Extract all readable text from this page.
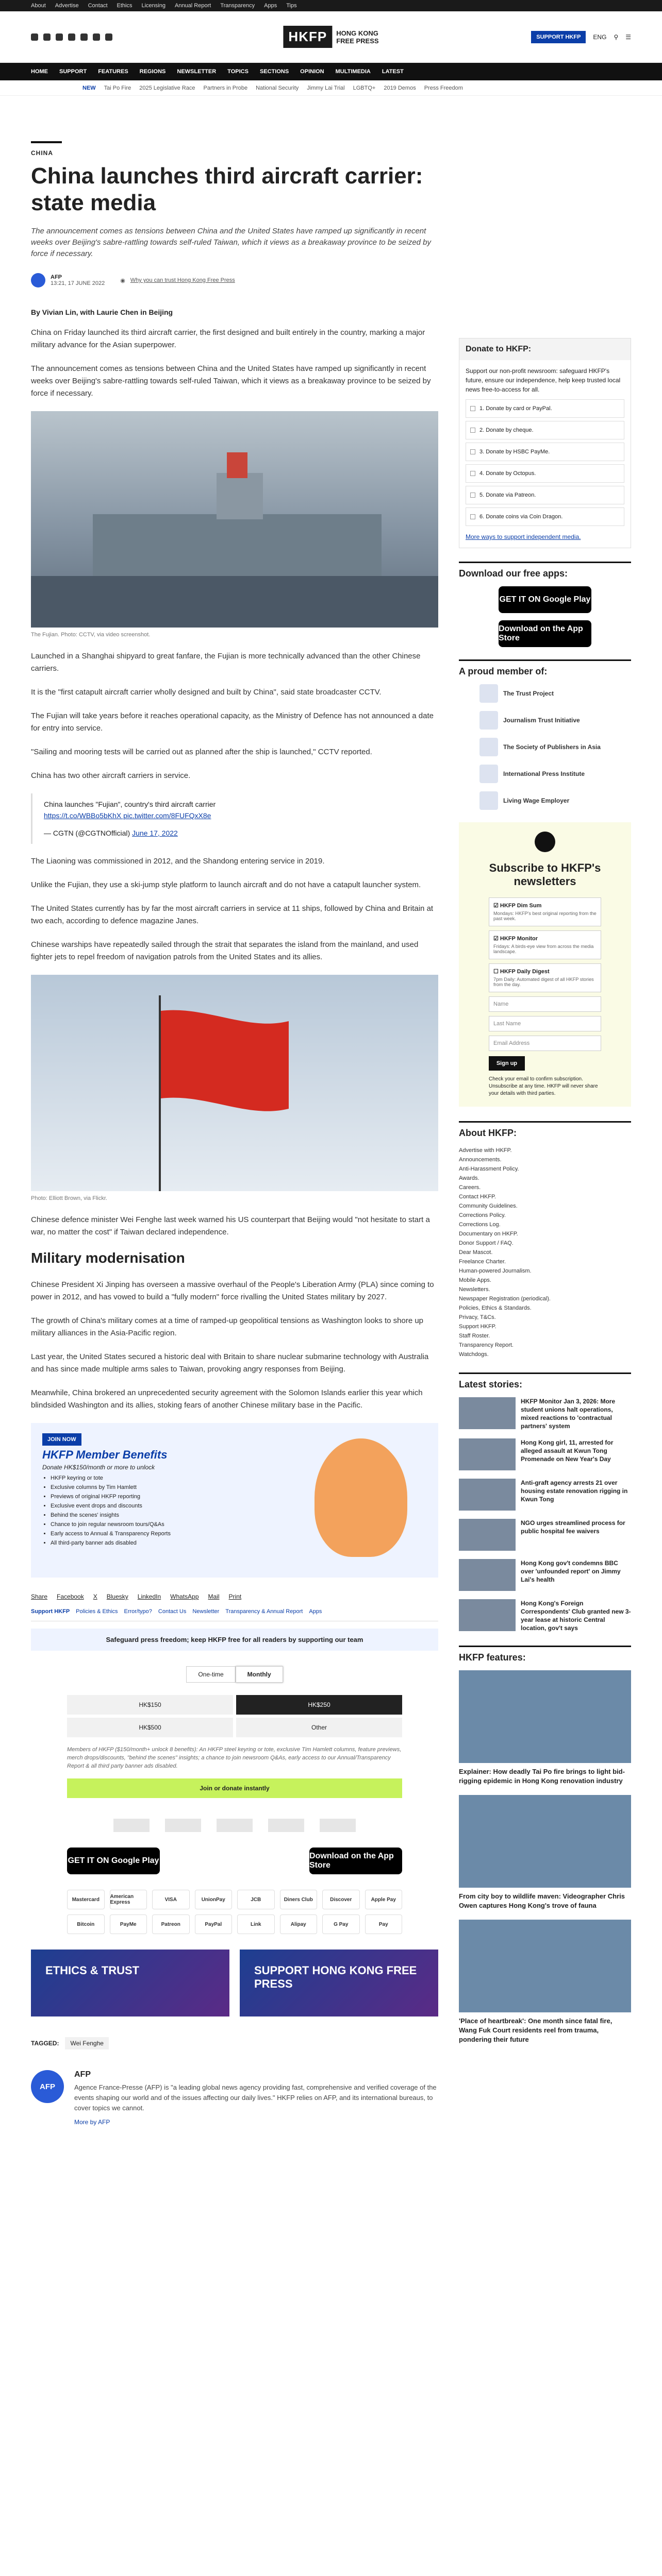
About Advertise Contact Ethics Licensing Annual Report Transparency Apps Tips
HKFP	HONG KONG
FREE PRESS	SUPPORT HKFP	ENG ⚲ ☰
HOME SUPPORT FEATURES REGIONS NEWSLETTER TOPICS SECTIONS OPINION MULTIMEDIA LATEST
NEW Tai Po Fire 2025 Legislative Race Partners in Probe National Security Jimmy Lai Trial LGBTQ+ 2019 Demos Press Freedom
CHINA
China launches third aircraft carrier: state media
The announcement comes as tensions between China and the United States have ramped up significantly in recent weeks over Beijing's sabre-rattling towards self-ruled Taiwan, which it views as a breakaway province to be seized by force if necessary.
AFP
13:21, 17 JUNE 2022	◉ Why you can trust Hong Kong Free Press
By Vivian Lin, with Laurie Chen in Beijing

China on Friday launched its third aircraft carrier, the first designed and built entirely in the country, marking a major military advance for the Asian superpower.

The announcement comes as tensions between China and the United States have ramped up significantly in recent weeks over Beijing's sabre-rattling towards self-ruled Taiwan, which it views as a breakaway province to be seized by force if necessary.

The Fujian. Photo: CCTV, via video screenshot.

Launched in a Shanghai shipyard to great fanfare, the Fujian is more technically advanced than the other Chinese carriers.

It is the "first catapult aircraft carrier wholly designed and built by China", said state broadcaster CCTV.

The Fujian will take years before it reaches operational capacity, as the Ministry of Defence has not announced a date for entry into service.

"Sailing and mooring tests will be carried out as planned after the ship is launched," CCTV reported.

China has two other aircraft carriers in service.

China launches "Fujian", country's third aircraft carrier
https://t.co/WBBo5bKhX pic.twitter.com/8FUFQxX8e
— CGTN (@CGTNOfficial) June 17, 2022

The Liaoning was commissioned in 2012, and the Shandong entering service in 2019.

Unlike the Fujian, they use a ski-jump style platform to launch aircraft and do not have a catapult launcher system.

The United States currently has by far the most aircraft carriers in service at 11 ships, followed by China and Britain at two each, according to defence magazine Janes.

Chinese warships have repeatedly sailed through the strait that separates the island from the mainland, and used fighter jets to repel freedom of navigation patrols from the United States and its allies.

Photo: Elliott Brown, via Flickr.

Chinese defence minister Wei Fenghe last week warned his US counterpart that Beijing would "not hesitate to start a war, no matter the cost" if Taiwan declared independence.

Military modernisation

Chinese President Xi Jinping has overseen a massive overhaul of the People's Liberation Army (PLA) since coming to power in 2012, and has vowed to build a "fully modern" force rivalling the United States military by 2027.

The growth of China's military comes at a time of ramped-up geopolitical tensions as Washington looks to shore up military alliances in the Asia-Pacific region.

Last year, the United States secured a historic deal with Britain to share nuclear submarine technology with Australia and has since made multiple arms sales to Taiwan, provoking angry responses from Beijing.

Meanwhile, China brokered an unprecedented security agreement with the Solomon Islands earlier this year which blindsided Washington and its allies, stoking fears of another Chinese military base in the Pacific.

JOIN NOW
HKFP Member Benefits
Donate HK$150/month or more to unlock
• HKFP keyring or tote
• Exclusive columns by Tim Hamlett
• Previews of original HKFP reporting
• Exclusive event drops and discounts
• Behind the scenes' insights
• Chance to join regular newsroom tours/Q&As
• Early access to Annual & Transparency Reports
• All third-party banner ads disabled
Share Facebook X Bluesky LinkedIn WhatsApp Mail Print
Support HKFP Policies & Ethics Error/typo? Contact Us Newsletter Transparency & Annual Report Apps
Safeguard press freedom; keep HKFP free for all readers by supporting our team
One-time	Monthly
HK$150	HK$250
HK$500	Other
Members of HKFP ($150/month+ unlock 8 benefits): An HKFP steel keyring or tote, exclusive Tim Hamlett columns, feature previews, merch drops/discounts, "behind the scenes" insights; a chance to join newsroom Q&As, early access to our Annual/Transparency Report & all third party banner ads disabled.
Join or donate instantly
GET IT ON Google Play
Download on the App Store
Mastercard	American Express	VISA	UnionPay	JCB	Diners Club	Discover	Apple Pay
Bitcoin	PayMe	Patreon	PayPal	Link	Alipay	G Pay	Pay
ETHICS & TRUST	SUPPORT HONG KONG FREE PRESS
TAGGED:	Wei Fenghe
AFP
AFP

Agence France-Presse (AFP) is "a leading global news agency providing fast, comprehensive and verified coverage of the events shaping our world and of the issues affecting our daily lives." HKFP relies on AFP, and its international bureaus, to cover topics we cannot.

More by AFP
Donate to HKFP:
Support our non-profit newsroom: safeguard HKFP's future, ensure our independence, help keep trusted local news free-to-access for all.
1. Donate by card or PayPal.
2. Donate by cheque.
3. Donate by HSBC PayMe.
4. Donate by Octopus.
5. Donate via Patreon.
6. Donate coins via Coin Dragon.
More ways to support independent media.
Download our free apps:
GET IT ON Google Play
Download on the App Store
A proud member of:
The Trust Project
Journalism Trust Initiative
The Society of Publishers in Asia
International Press Institute
Living Wage Employer
Subscribe to HKFP's newsletters
☑ HKFP Dim Sum
Mondays: HKFP's best original reporting from the past week.
☑ HKFP Monitor
Fridays: A birds-eye view from across the media landscape.
☐ HKFP Daily Digest
7pm Daily: Automated digest of all HKFP stories from the day.
Name
Last Name
Email Address
Sign up
Check your email to confirm subscription. Unsubscribe at any time. HKFP will never share your details with third parties.
About HKFP:
Advertise with HKFP.
Announcements.
Anti-Harassment Policy.
Awards.
Careers.
Contact HKFP.
Community Guidelines.
Corrections Policy.
Corrections Log.
Documentary on HKFP.
Donor Support / FAQ.
Dear Mascot.
Freelance Charter.
Human-powered Journalism.
Mobile Apps.
Newsletters.
Newspaper Registration (periodical).
Policies, Ethics & Standards.
Privacy, T&Cs.
Support HKFP.
Staff Roster.
Transparency Report.
Watchdogs.
Latest stories:
HKFP Monitor Jan 3, 2026: More student unions halt operations, mixed reactions to 'contractual partners' system
Hong Kong girl, 11, arrested for alleged assault at Kwun Tong Promenade on New Year's Day
Anti-graft agency arrests 21 over housing estate renovation rigging in Kwun Tong
NGO urges streamlined process for public hospital fee waivers
Hong Kong gov't condemns BBC over 'unfounded report' on Jimmy Lai's health
Hong Kong's Foreign Correspondents' Club granted new 3-year lease at historic Central location, gov't says
HKFP features:
Explainer: How deadly Tai Po fire brings to light bid-rigging epidemic in Hong Kong renovation industry
From city boy to wildlife maven: Videographer Chris Owen captures Hong Kong's trove of fauna
'Place of heartbreak': One month since fatal fire, Wang Fuk Court residents reel from trauma, pondering their future
